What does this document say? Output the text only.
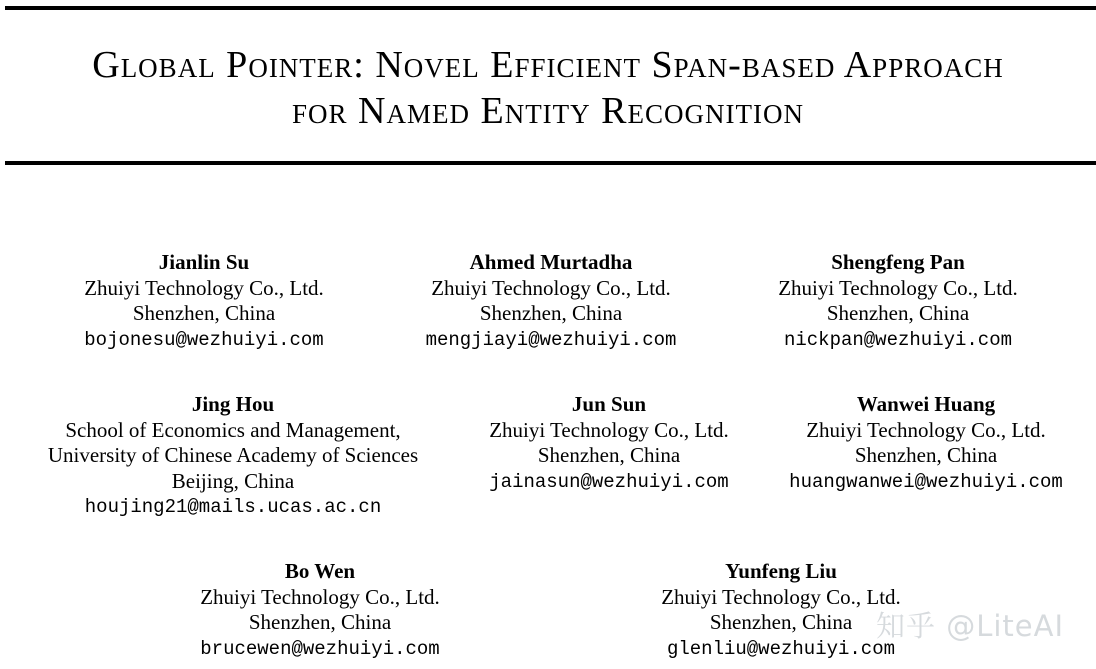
Global Pointer: Novel Efficient Span-based Approach
for Named Entity Recognition
Jianlin Su
Zhuiyi Technology Co., Ltd.
Shenzhen, China
bojonesu@wezhuiyi.com
Ahmed Murtadha
Zhuiyi Technology Co., Ltd.
Shenzhen, China
mengjiayi@wezhuiyi.com
Shengfeng Pan
Zhuiyi Technology Co., Ltd.
Shenzhen, China
nickpan@wezhuiyi.com
Jing Hou
School of Economics and Management,
University of Chinese Academy of Sciences
Beijing, China
houjing21@mails.ucas.ac.cn
Jun Sun
Zhuiyi Technology Co., Ltd.
Shenzhen, China
jainasun@wezhuiyi.com
Wanwei Huang
Zhuiyi Technology Co., Ltd.
Shenzhen, China
huangwanwei@wezhuiyi.com
Bo Wen
Zhuiyi Technology Co., Ltd.
Shenzhen, China
brucewen@wezhuiyi.com
Yunfeng Liu
Zhuiyi Technology Co., Ltd.
Shenzhen, China
glenliu@wezhuiyi.com
知乎 @LiteAI
